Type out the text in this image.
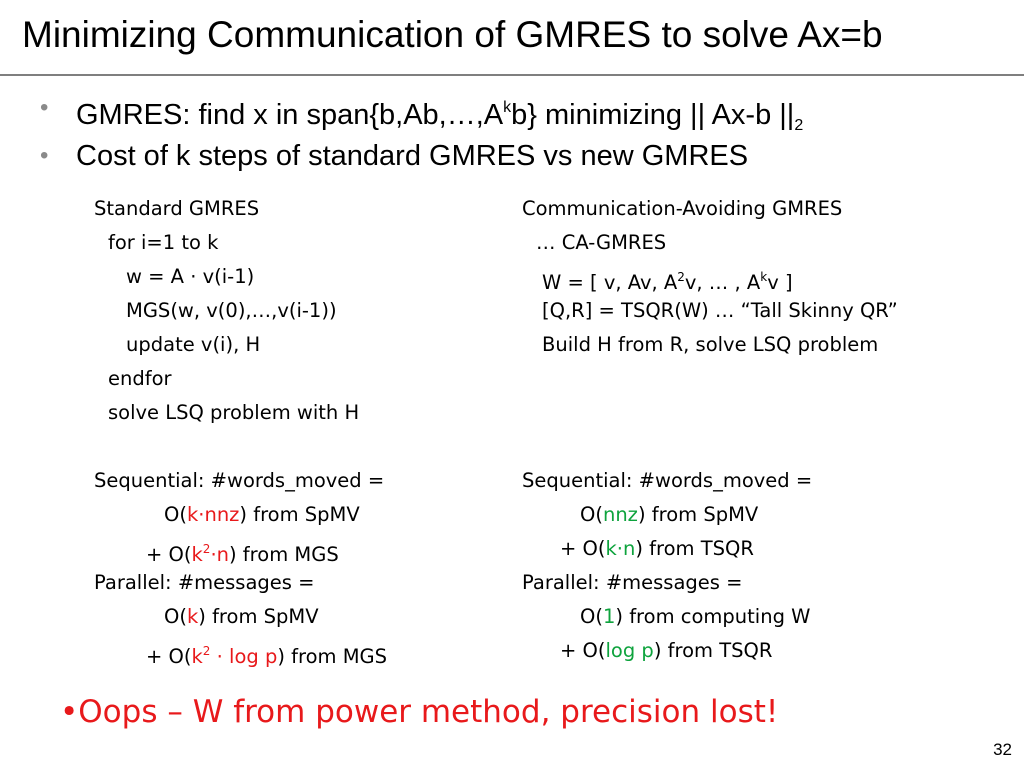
Minimizing Communication of GMRES to solve Ax=b
• GMRES: find x in $span\{b,Ab,\dots,A^kb\}$ minimizing || Ax-b $||_2$
• Cost of k steps of standard GMRES vs new GMRES
Standard GMRES
for i=1 to k
w = A · v(i-1)
MGS(w, v(0),…,v(i-1))
update v(i), H
endfor
solve LSQ problem with H
Sequential: #words_moved =
O(k·nnz) from SpMV
+ $O(k^2\cdot n)$ from MGS
Parallel: #messages =
O(k) from SpMV
+ $O(k^2 \cdot \log p)$ from MGS
Communication-Avoiding GMRES
… CA-GMRES
W = [ v, Av, $A^2v$, … , $A^kv$ ]
[Q,R] = TSQR(W) … “Tall Skinny QR”
Build H from R, solve LSQ problem
Sequential: #words_moved =
O(nnz) from SpMV
+ O(k·n) from TSQR
Parallel: #messages =
O(1) from computing W
+ O(log p) from TSQR
•Oops – W from power method, precision lost!
32
